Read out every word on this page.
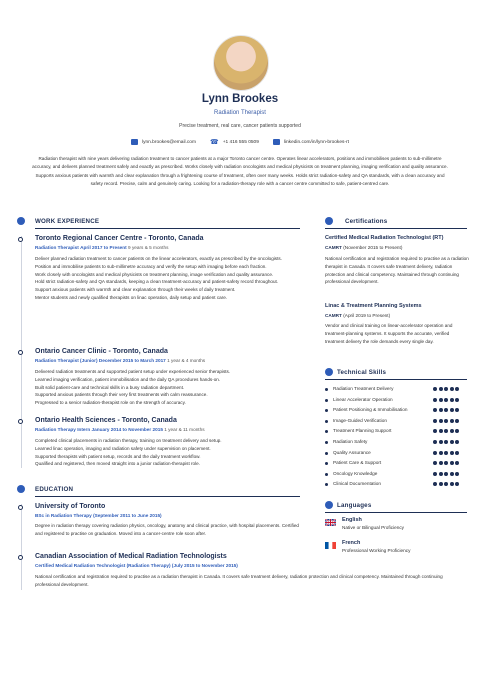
Lynn Brookes
Radiation Therapist
Precise treatment, real care, cancer patients supported
lynn.brookes@email.com ☎ +1 416 555 0509	linkedin.com/in/lynn-brookes-rt
Radiation therapist with nine years delivering radiation treatment to cancer patients at a major Toronto cancer centre. Operates linear accelerators, positions and immobilises patients to sub-millimetre accuracy, and delivers planned treatment safely and exactly as prescribed. Works closely with radiation oncologists and medical physicists on treatment planning, imaging verification and quality assurance. Supports anxious patients with warmth and clear explanation through a frightening course of treatment, often over many weeks. Holds strict radiation-safety and QA standards, with a clean accuracy and safety record. Precise, calm and genuinely caring. Looking for a radiation-therapy role with a cancer centre committed to safe, patient-centred care.
WORK EXPERIENCE
Toronto Regional Cancer Centre - Toronto, Canada
Radiation Therapist April 2017 to Present 9 years & 5 months
Deliver planned radiation treatment to cancer patients on the linear accelerators, exactly as prescribed by the oncologists.
Position and immobilise patients to sub-millimetre accuracy and verify the setup with imaging before each fraction.
Work closely with oncologists and medical physicists on treatment planning, image verification and quality assurance.
Hold strict radiation-safety and QA standards, keeping a clean treatment-accuracy and patient-safety record throughout.
Support anxious patients with warmth and clear explanation through their weeks of daily treatment.
Mentor students and newly qualified therapists on linac operation, daily setup and patient care.
Ontario Cancer Clinic - Toronto, Canada
Radiation Therapist (Junior) December 2015 to March 2017 1 year & 4 months
Delivered radiation treatments and supported patient setup under experienced senior therapists.
Learned imaging verification, patient immobilisation and the daily QA procedures hands-on.
Built solid patient-care and technical skills in a busy radiation department.
Supported anxious patients through their very first treatments with calm reassurance.
Progressed to a senior radiation-therapist role on the strength of accuracy.
Ontario Health Sciences - Toronto, Canada
Radiation Therapy Intern January 2014 to November 2015 1 year & 11 months
Completed clinical placements in radiation therapy, training on treatment delivery and setup.
Learned linac operation, imaging and radiation safety under supervision on placement.
Supported therapists with patient setup, records and the daily treatment workflow.
Qualified and registered, then moved straight into a junior radiation-therapist role.
EDUCATION
University of Toronto
BSc in Radiation Therapy (September 2011 to June 2015)
Degree in radiation therapy covering radiation physics, oncology, anatomy and clinical practice, with hospital placements. Certified and registered to practise on graduation. Moved into a cancer-centre role soon after.
Canadian Association of Medical Radiation Technologists
Certified Medical Radiation Technologist (Radiation Therapy) (July 2015 to November 2015)
National certification and registration required to practise as a radiation therapist in Canada. It covers safe treatment delivery, radiation protection and clinical competency. Maintained through continuing professional development.
Certifications
Certified Medical Radiation Technologist (RT)
CAMRT (November 2015 to Present)
National certification and registration required to practise as a radiation therapist in Canada. It covers safe treatment delivery, radiation protection and clinical competency. Maintained through continuing professional development.
Linac & Treatment Planning Systems
CAMRT (April 2019 to Present)
Vendor and clinical training on linear-accelerator operation and treatment-planning systems. It supports the accurate, verified treatment delivery the role demands every single day.
Technical Skills
Radiation Treatment Delivery
Linear Accelerator Operation
Patient Positioning & Immobilisation
Image-Guided Verification
Treatment Planning Support
Radiation Safety
Quality Assurance
Patient Care & Support
Oncology Knowledge
Clinical Documentation
Languages
English
Native or Bilingual Proficiency
French
Professional Working Proficiency
